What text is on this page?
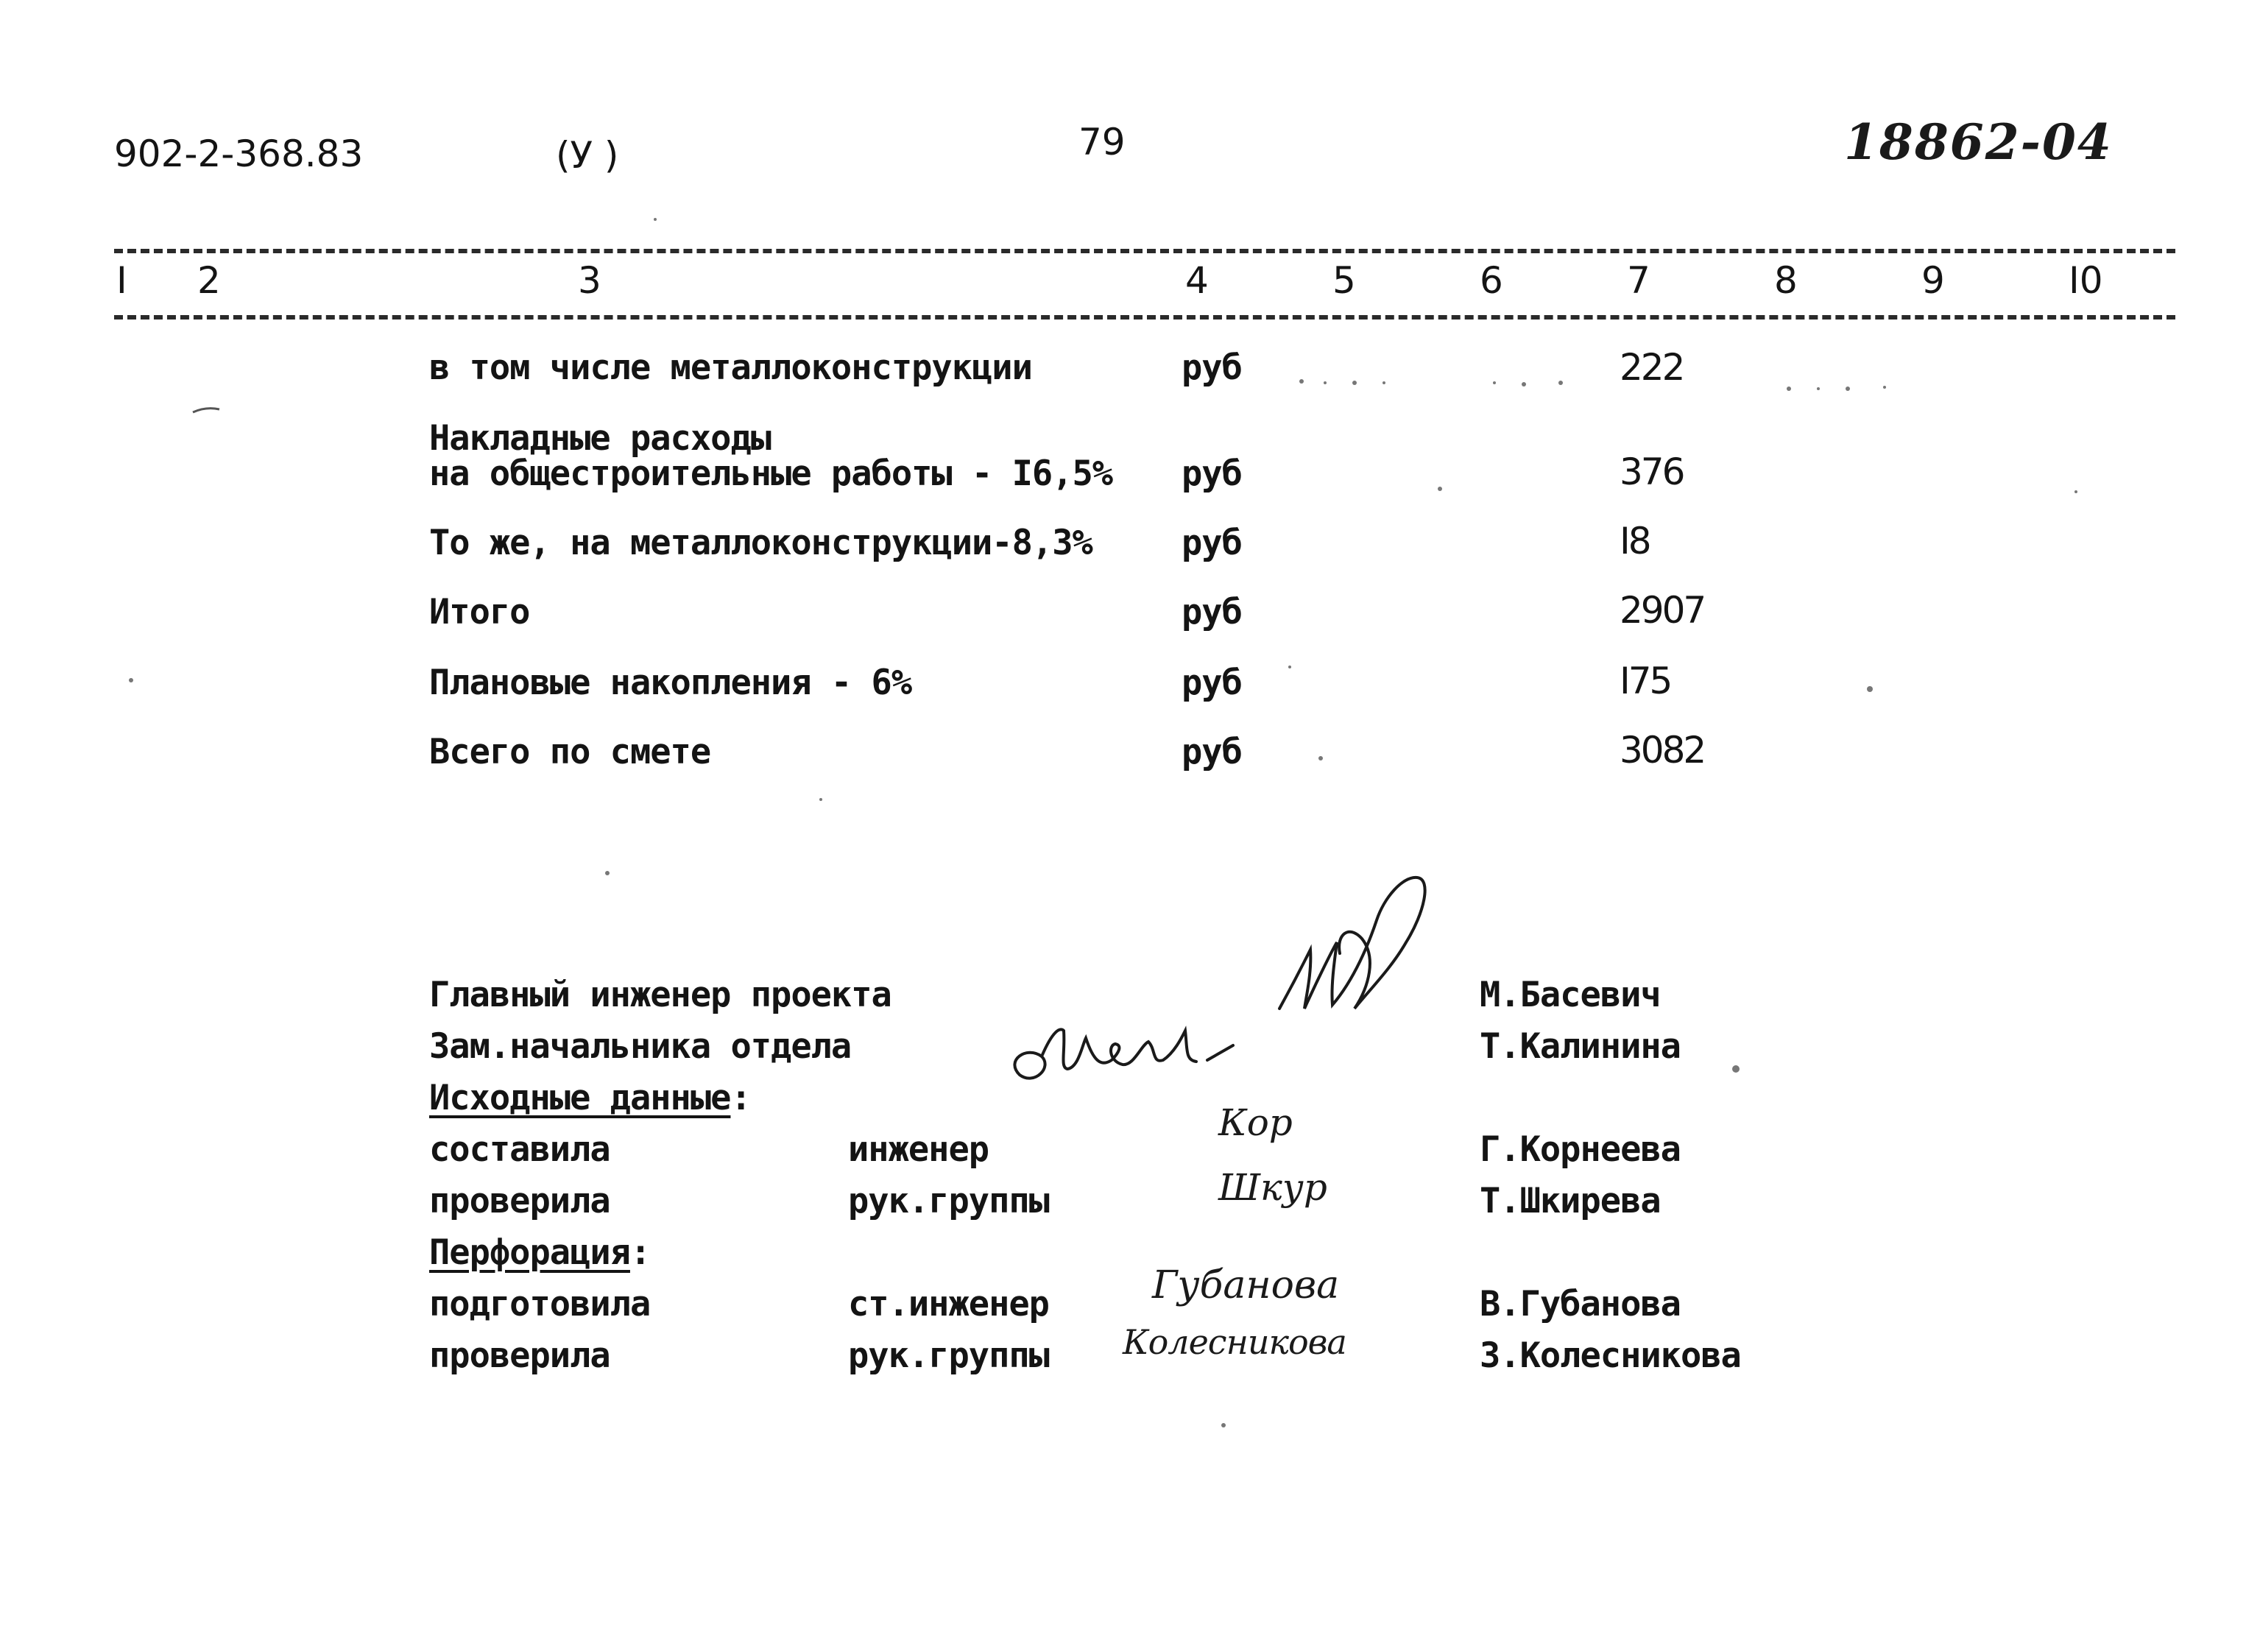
902-2-368.83	(У )	79	18862-04
I 2	3	4	5	6	7	8	9	I0
в том числе металлоконструкции	руб	222
Накладные расходы
на общестроительные работы - I6,5% руб	376
То же, на металлоконструкции-8,3%	руб	I8
Итого	руб	2907
Плановые накопления - 6%	руб	I75
Всего по смете	руб	3082
Главный инженер проекта	М.Басевич
Зам.начальника отдела	Т.Калинина
Исходные данные:
составила	инженер	Г.Корнеева
проверила	рук.группы	Т.Шкирева
Перфорация:
подготовила	ст.инженер	В.Губанова
проверила	рук.группы	З.Колесникова
Кор
Шкур
Губанова
Колесникова
